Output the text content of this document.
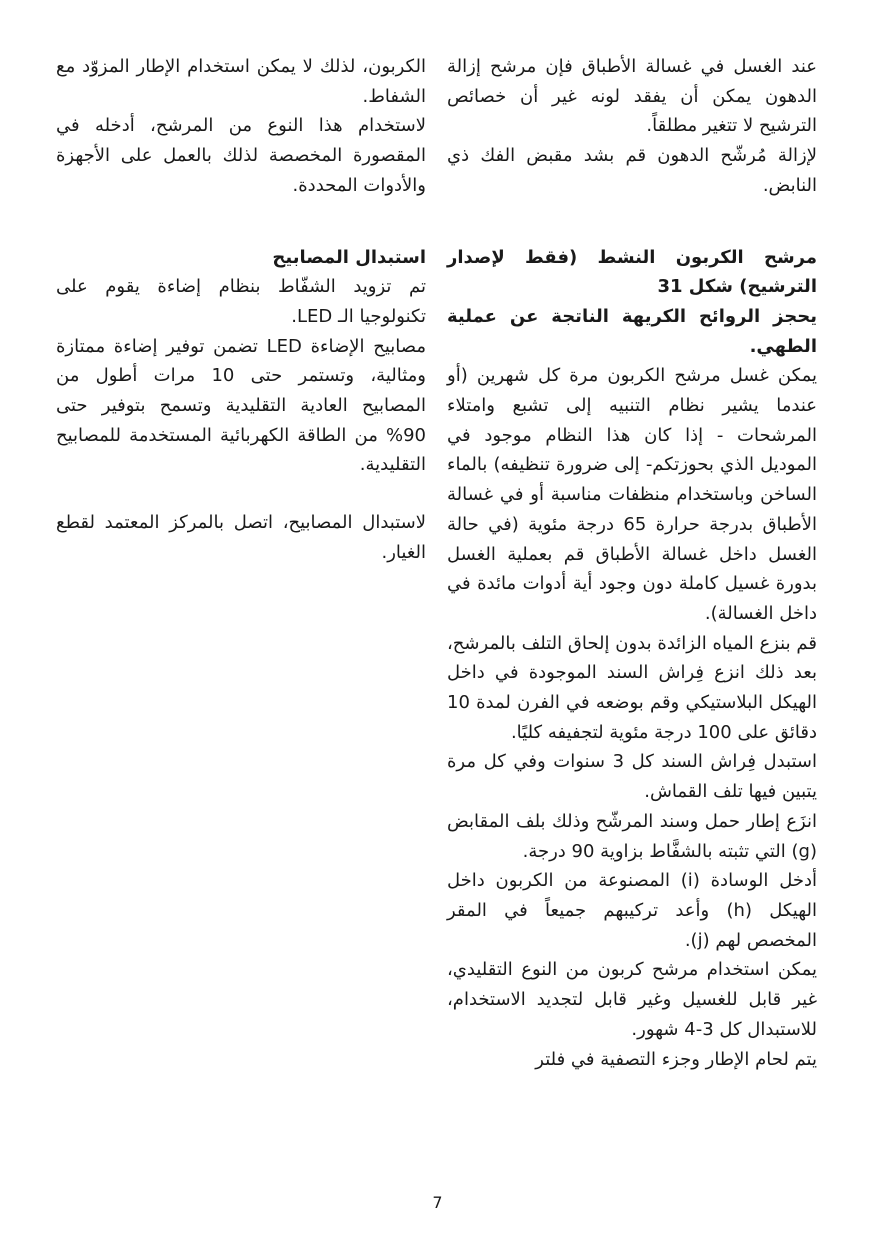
عند الغسل في غسالة الأطباق فإن مرشح إزالة الدهون يمكن أن يفقد لونه غير أن خصائص الترشيح لا تتغير مطلقاً.

لإزالة مُرشّح الدهون قم بشد مقبض الفك ذي النابض.

مرشح الكربون النشط (فقط لإصدار الترشيح) شكل 31

يحجز الروائح الكريهة الناتجة عن عملية الطهي.

يمكن غسل مرشح الكربون مرة كل شهرين (أو عندما يشير نظام التنبيه إلى تشبع وامتلاء المرشحات - إذا كان هذا النظام موجود في الموديل الذي بحوزتكم- إلى ضرورة تنظيفه) بالماء الساخن وباستخدام منظفات مناسبة أو في غسالة الأطباق بدرجة حرارة 65 درجة مئوية (في حالة الغسل داخل غسالة الأطباق قم بعملية الغسل بدورة غسيل كاملة دون وجود أية أدوات مائدة في داخل الغسالة).

قم بنزع المياه الزائدة بدون إلحاق التلف بالمرشح، بعد ذلك انزع فِراش السند الموجودة في داخل الهيكل البلاستيكي وقم بوضعه في الفرن لمدة 10 دقائق على 100 درجة مئوية لتجفيفه كليًا.

استبدل فِراش السند كل 3 سنوات وفي كل مرة يتبين فيها تلف القماش.

انزَع إطار حمل وسند المرشّح وذلك بلف المقابض (g) التي تثبته بالشفَّاط بزاوية 90 درجة.

أدخل الوسادة (i) المصنوعة من الكربون داخل الهيكل (h) وأعد تركيبهم جميعاً في المقر المخصص لهم (j).

يمكن استخدام مرشح كربون من النوع التقليدي، غير قابل للغسيل وغير قابل لتجديد الاستخدام، للاستبدال كل 3-4 شهور.

يتم لحام الإطار وجزء التصفية في فلتر

الكربون، لذلك لا يمكن استخدام الإطار المزوّد مع الشفاط.

لاستخدام هذا النوع من المرشح، أدخله في المقصورة المخصصة لذلك بالعمل على الأجهزة والأدوات المحددة.

استبدال المصابيح

تم تزويد الشفّاط بنظام إضاءة يقوم على تكنولوجيا الـ LED.

مصابيح الإضاءة LED تضمن توفير إضاءة ممتازة ومثالية، وتستمر حتى 10 مرات أطول من المصابيح العادية التقليدية وتسمح بتوفير حتى 90% من الطاقة الكهربائية المستخدمة للمصابيح التقليدية.

لاستبدال المصابيح، اتصل بالمركز المعتمد لقطع الغيار.

7
